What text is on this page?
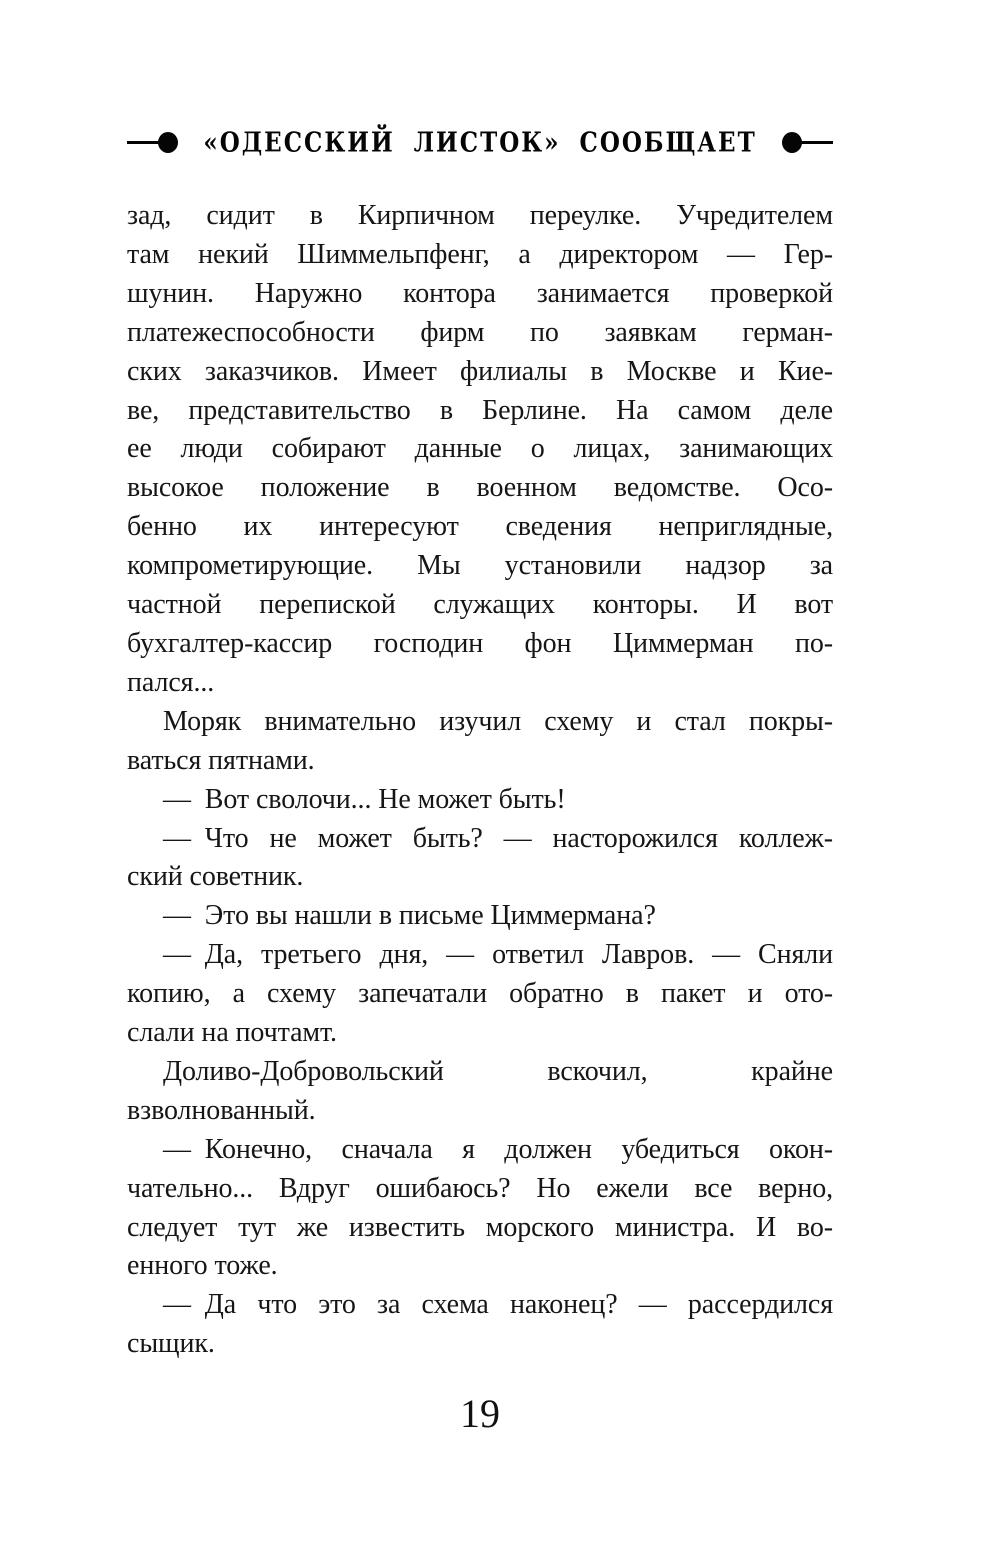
«ОДЕССКИЙ ЛИСТОК» СООБЩАЕТ
зад, сидит в Кирпичном переулке. Учредителем
там некий Шиммельпфенг, а директором — Гер-
шунин. Наружно контора занимается проверкой
платежеспособности фирм по заявкам герман-
ских заказчиков. Имеет филиалы в Москве и Кие-
ве, представительство в Берлине. На самом деле
ее люди собирают данные о лицах, занимающих
высокое положение в военном ведомстве. Осо-
бенно их интересуют сведения неприглядные,
компрометирующие. Мы установили надзор за
частной перепиской служащих конторы. И вот
бухгалтер-кассир господин фон Циммерман по-
пался...
Моряк внимательно изучил схему и стал покры-
ваться пятнами.
— Вот сволочи... Не может быть!
— Что не может быть? — насторожился коллеж-
ский советник.
— Это вы нашли в письме Циммермана?
— Да, третьего дня, — ответил Лавров. — Сняли
копию, а схему запечатали обратно в пакет и ото-
слали на почтамт.
Доливо-Добровольский вскочил, крайне
взволнованный.
— Конечно, сначала я должен убедиться окон-
чательно... Вдруг ошибаюсь? Но ежели все верно,
следует тут же известить морского министра. И во-
енного тоже.
— Да что это за схема наконец? — рассердился
сыщик.
19
